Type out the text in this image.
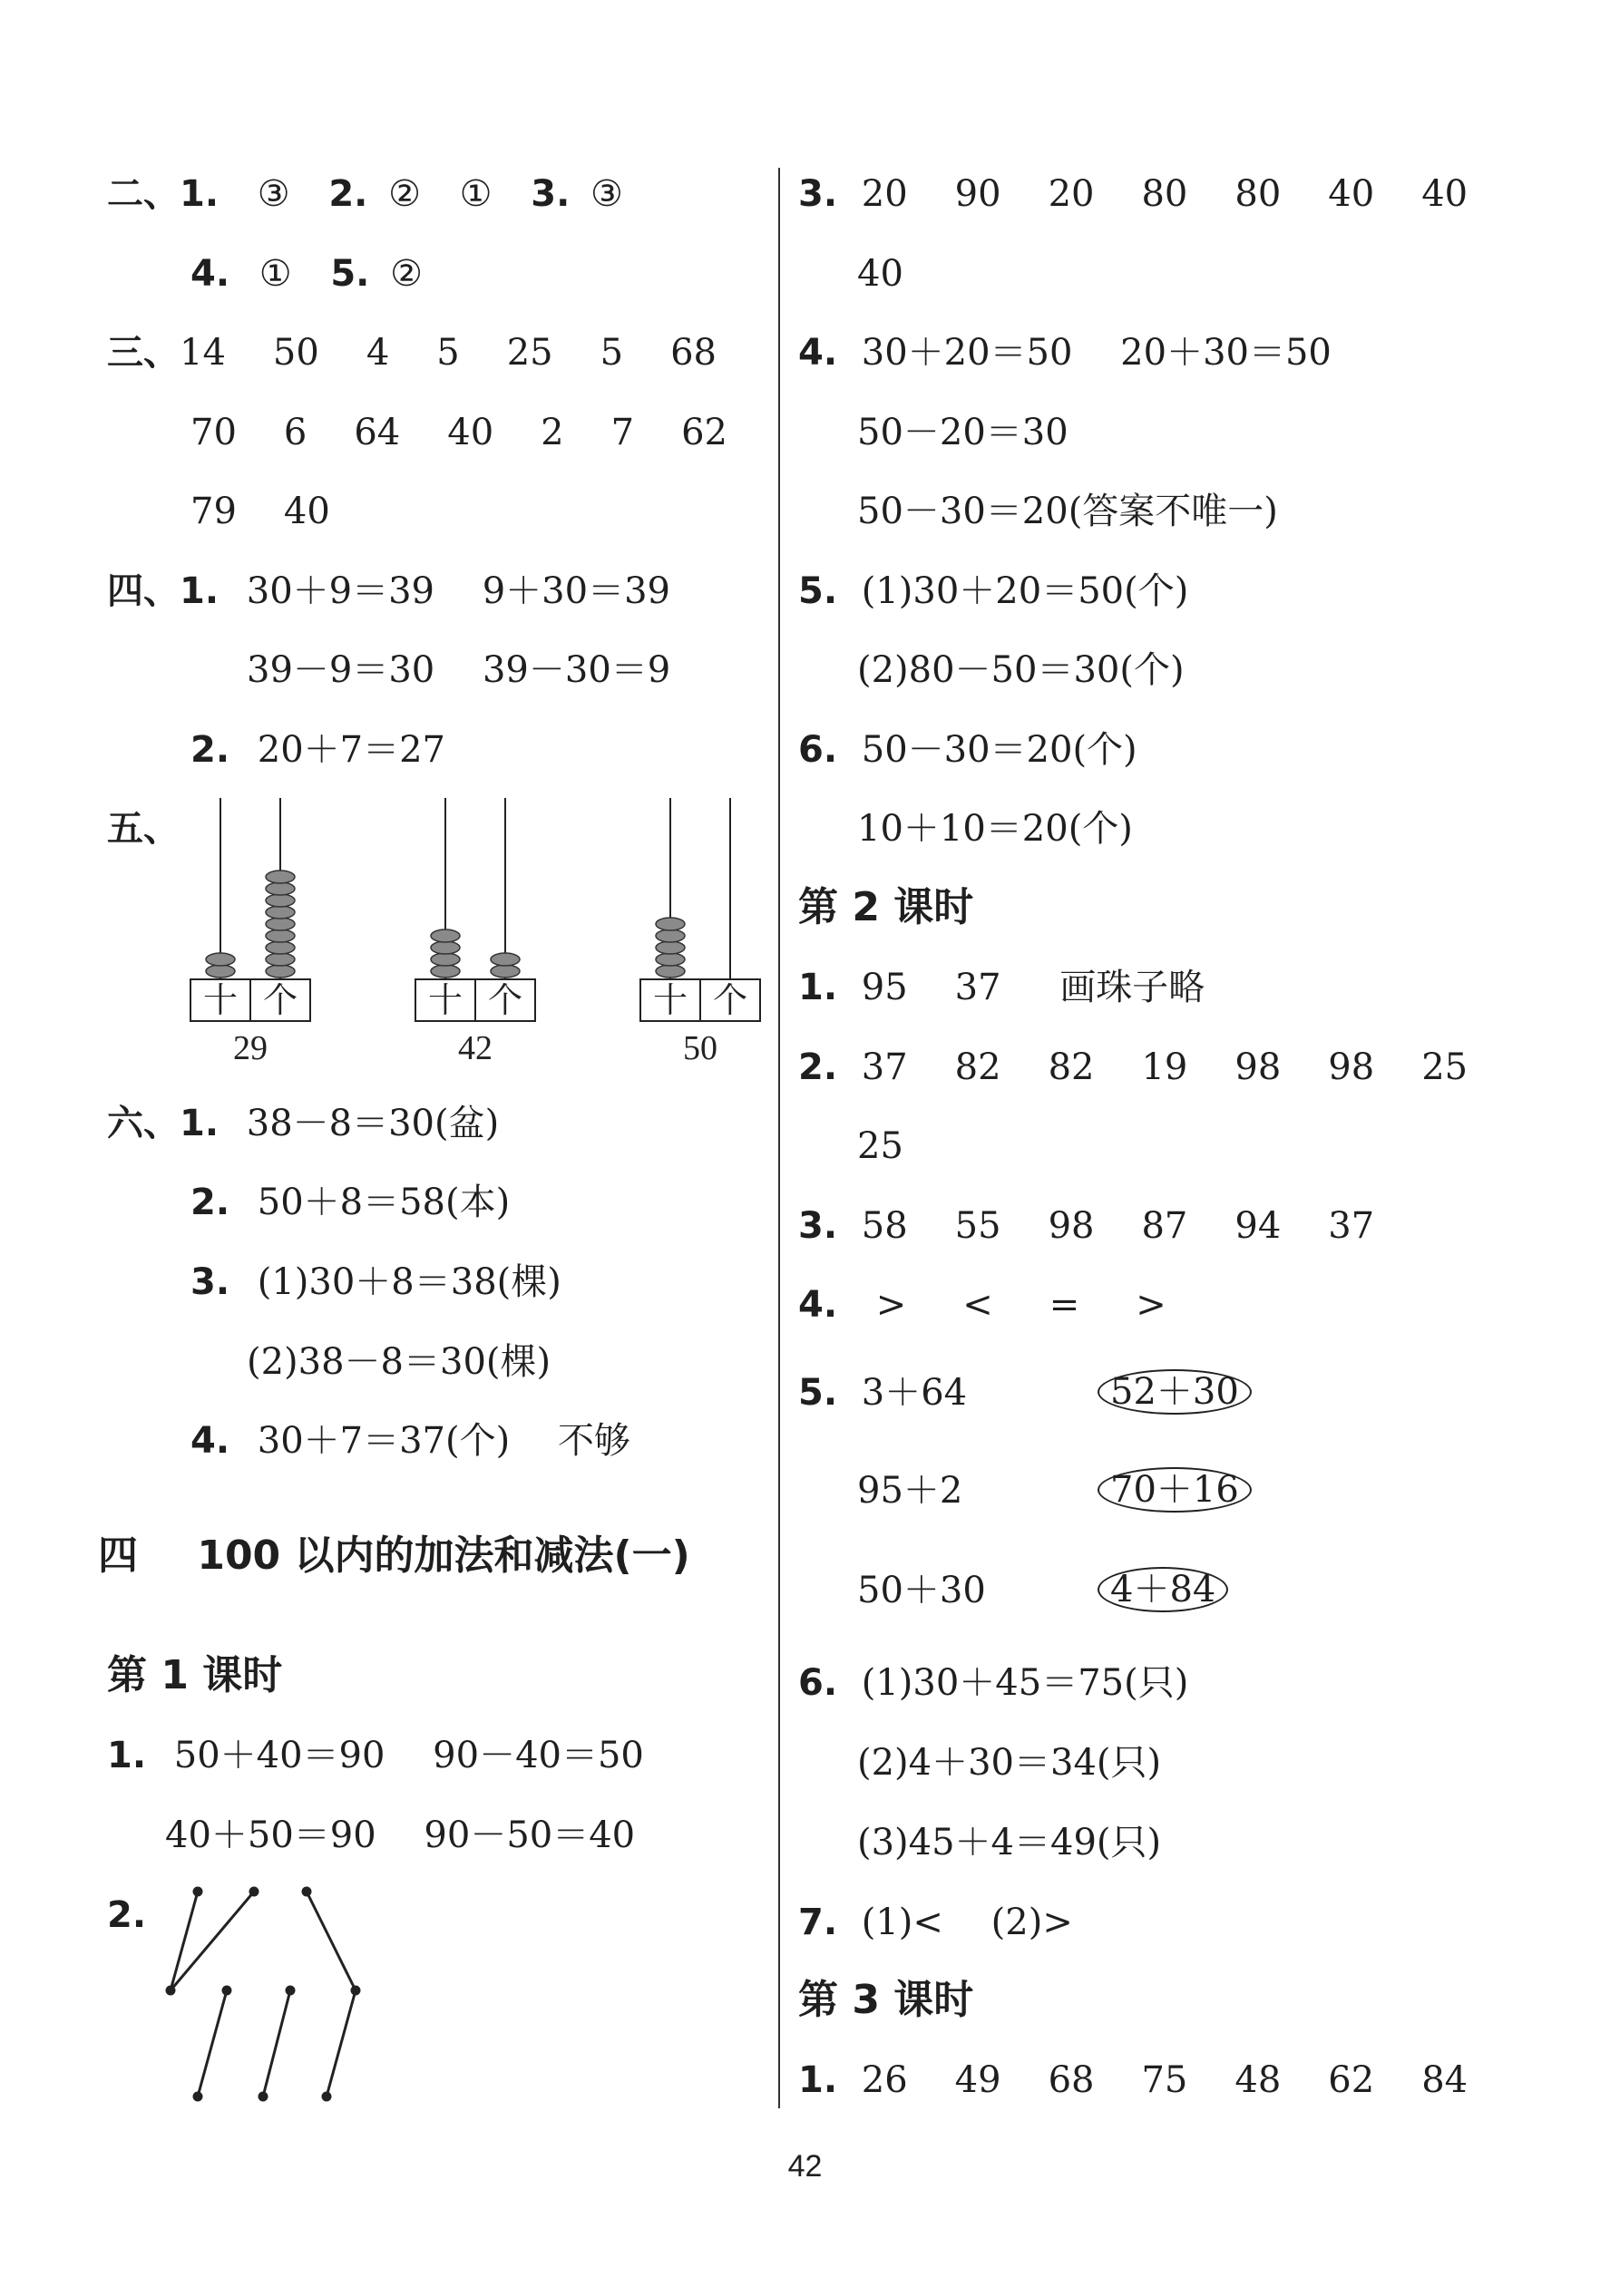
二、1. ③ 2. ② ① 3. ③
4. ① 5. ②
三、14 50 4 5 25 5 68
70 6 64 40 2 7 62
79 40
四、1. 30＋9＝39 9＋30＝39
39－9＝30 39－30＝9
2. 20＋7＝27
五、
十 个
29
十 个
42
十 个
50
六、1. 38－8＝30(盆)
2. 50＋8＝58(本)
3. (1)30＋8＝38(棵)
(2)38－8＝30(棵)
4. 30＋7＝37(个) 不够
四 100 以内的加法和减法(一)
第 1 课时
1. 50＋40＝90 90－40＝50
40＋50＝90 90－50＝40
2.
3. 20 90 20 80 80 40 40
40
4. 30＋20＝50 20＋30＝50
50－20＝30
50－30＝20(答案不唯一)
5. (1)30＋20＝50(个)
(2)80－50＝30(个)
6. 50－30＝20(个)
10＋10＝20(个)
第 2 课时
1. 95 37 画珠子略
2. 37 82 82 19 98 98 25
25
3. 58 55 98 87 94 37
4. > < = >
5. 3＋64	52＋30
95＋2	70＋16
50＋30	4＋84
6. (1)30＋45＝75(只)
(2)4＋30＝34(只)
(3)45＋4＝49(只)
7. (1)< (2)>
第 3 课时
1. 26 49 68 75 48 62 84
42
